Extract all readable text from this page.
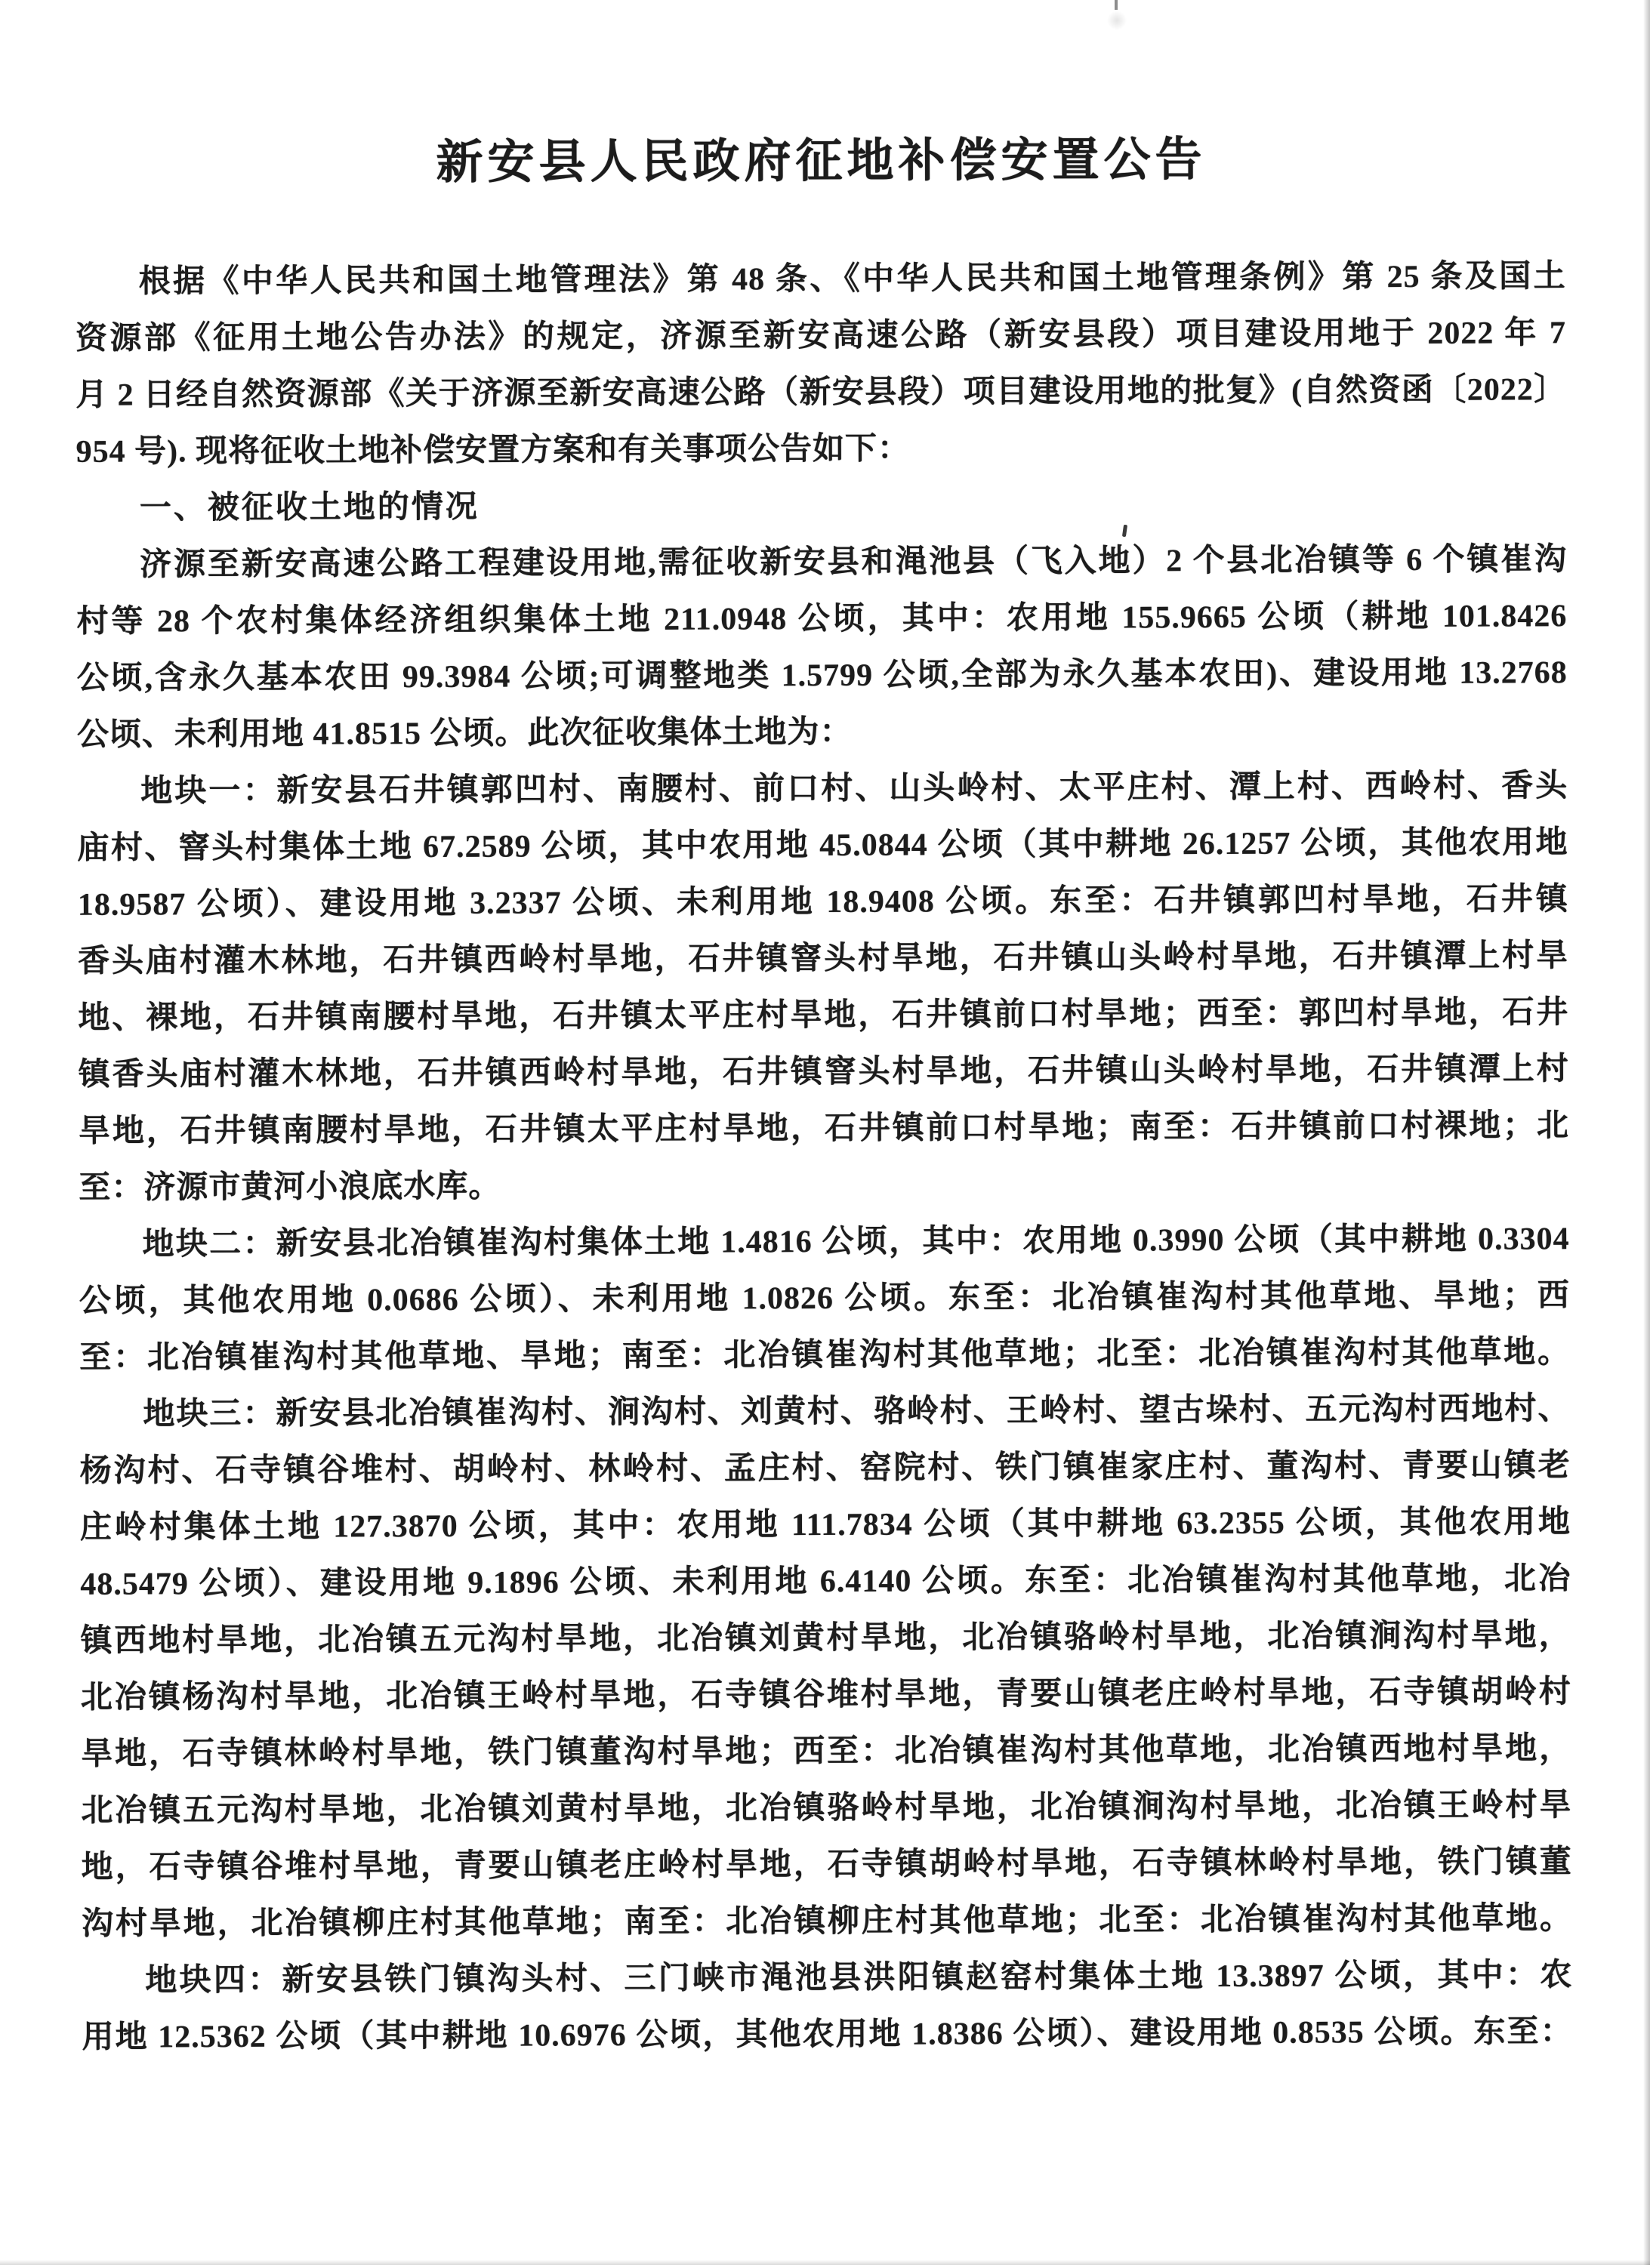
新安县人民政府征地补偿安置公告
根据《中华人民共和国土地管理法》第 48 条、《中华人民共和国土地管理条例》第 25 条及国土
资源部《征用土地公告办法》的规定，济源至新安高速公路（新安县段）项目建设用地于 2022 年 7
月 2 日经自然资源部《关于济源至新安高速公路（新安县段）项目建设用地的批复》(自然资函〔2022〕
954 号). 现将征收土地补偿安置方案和有关事项公告如下：
一、被征收土地的情况
济源至新安高速公路工程建设用地,需征收新安县和渑池县（飞入地）2 个县北冶镇等 6 个镇崔沟
村等 28 个农村集体经济组织集体土地 211.0948 公顷，其中：农用地 155.9665 公顷（耕地 101.8426
公顷,含永久基本农田 99.3984 公顷;可调整地类 1.5799 公顷,全部为永久基本农田)、建设用地 13.2768
公顷、未利用地 41.8515 公顷。此次征收集体土地为：
地块一：新安县石井镇郭凹村、南腰村、前口村、山头岭村、太平庄村、潭上村、西岭村、香头
庙村、窨头村集体土地 67.2589 公顷，其中农用地 45.0844 公顷（其中耕地 26.1257 公顷，其他农用地
18.9587 公顷）、建设用地 3.2337 公顷、未利用地 18.9408 公顷。东至：石井镇郭凹村旱地，石井镇
香头庙村灌木林地，石井镇西岭村旱地，石井镇窨头村旱地，石井镇山头岭村旱地，石井镇潭上村旱
地、裸地，石井镇南腰村旱地，石井镇太平庄村旱地，石井镇前口村旱地；西至：郭凹村旱地，石井
镇香头庙村灌木林地，石井镇西岭村旱地，石井镇窨头村旱地，石井镇山头岭村旱地，石井镇潭上村
旱地，石井镇南腰村旱地，石井镇太平庄村旱地，石井镇前口村旱地；南至：石井镇前口村裸地；北
至：济源市黄河小浪底水库。
地块二：新安县北冶镇崔沟村集体土地 1.4816 公顷，其中：农用地 0.3990 公顷（其中耕地 0.3304
公顷，其他农用地 0.0686 公顷）、未利用地 1.0826 公顷。东至：北冶镇崔沟村其他草地、旱地；西
至：北冶镇崔沟村其他草地、旱地；南至：北冶镇崔沟村其他草地；北至：北冶镇崔沟村其他草地。
地块三：新安县北冶镇崔沟村、涧沟村、刘黄村、骆岭村、王岭村、望古垛村、五元沟村西地村、
杨沟村、石寺镇谷堆村、胡岭村、林岭村、孟庄村、窑院村、铁门镇崔家庄村、董沟村、青要山镇老
庄岭村集体土地 127.3870 公顷，其中：农用地 111.7834 公顷（其中耕地 63.2355 公顷，其他农用地
48.5479 公顷）、建设用地 9.1896 公顷、未利用地 6.4140 公顷。东至：北冶镇崔沟村其他草地，北冶
镇西地村旱地，北冶镇五元沟村旱地，北冶镇刘黄村旱地，北冶镇骆岭村旱地，北冶镇涧沟村旱地，
北冶镇杨沟村旱地，北冶镇王岭村旱地，石寺镇谷堆村旱地，青要山镇老庄岭村旱地，石寺镇胡岭村
旱地，石寺镇林岭村旱地，铁门镇董沟村旱地；西至：北冶镇崔沟村其他草地，北冶镇西地村旱地，
北冶镇五元沟村旱地，北冶镇刘黄村旱地，北冶镇骆岭村旱地，北冶镇涧沟村旱地，北冶镇王岭村旱
地，石寺镇谷堆村旱地，青要山镇老庄岭村旱地，石寺镇胡岭村旱地，石寺镇林岭村旱地，铁门镇董
沟村旱地，北冶镇柳庄村其他草地；南至：北冶镇柳庄村其他草地；北至：北冶镇崔沟村其他草地。
地块四：新安县铁门镇沟头村、三门峡市渑池县洪阳镇赵窑村集体土地 13.3897 公顷，其中：农
用地 12.5362 公顷（其中耕地 10.6976 公顷，其他农用地 1.8386 公顷）、建设用地 0.8535 公顷。东至：
